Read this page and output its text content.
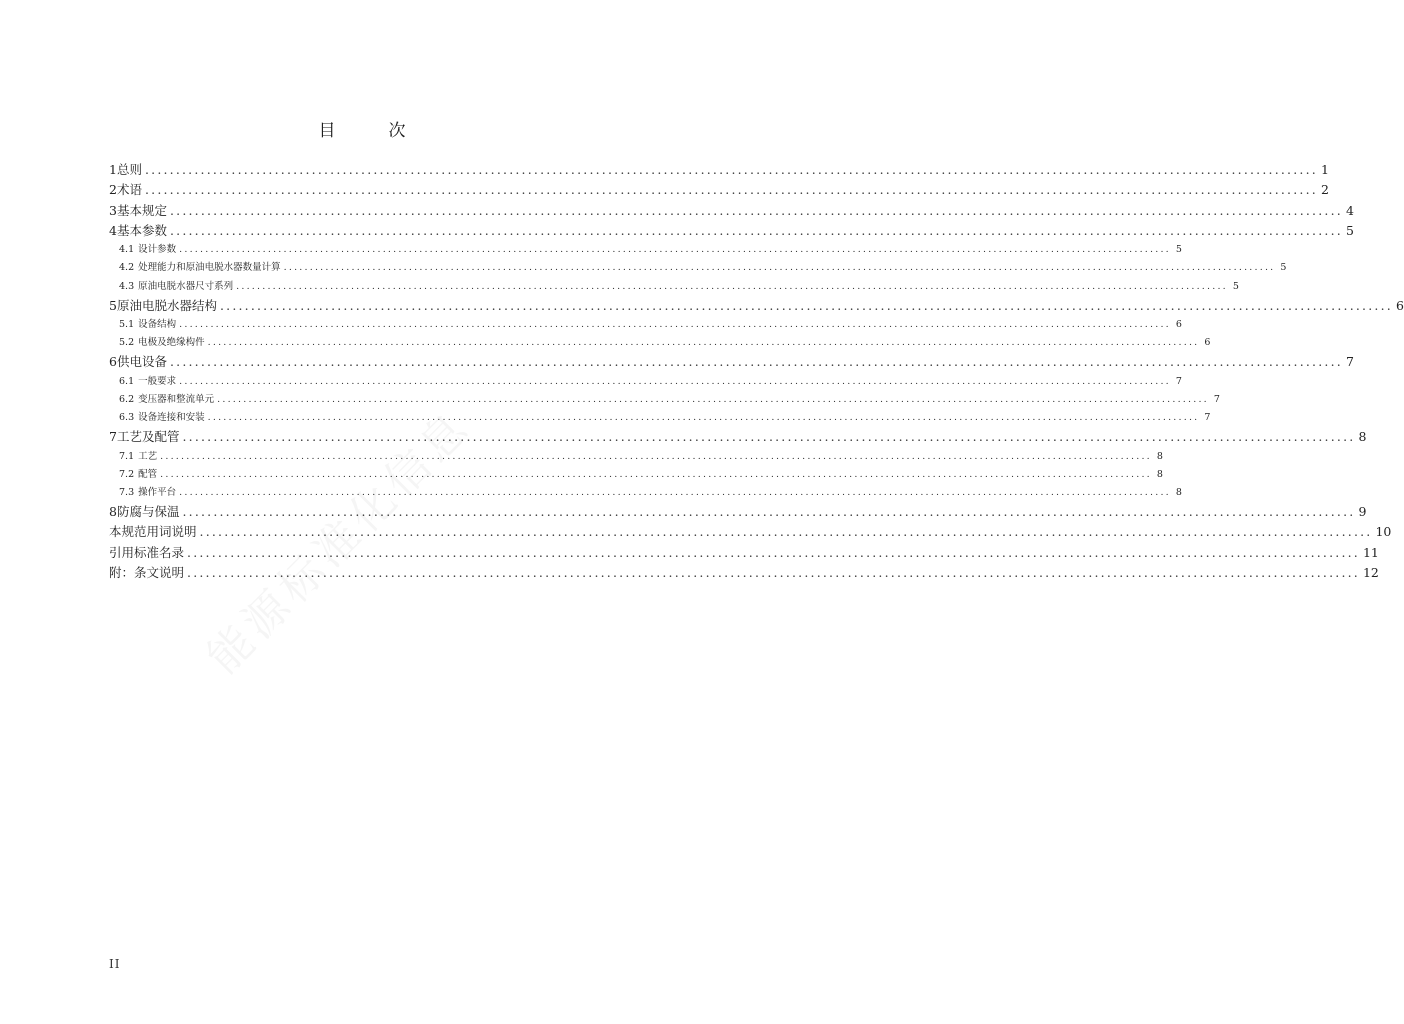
能源标准化信息
目　次
1 总则 .....	1
2 术语 .....	2
3 基本规定 .....	4
4 基本参数 .....	5
4.1 设计参数 .....	5
4.2 处理能力和原油电脱水器数量计算 .....	5
4.3 原油电脱水器尺寸系列 .....	5
5 原油电脱水器结构 .....	6
5.1 设备结构 .....	6
5.2 电极及绝缘构件 .....	6
6 供电设备 .....	7
6.1 一般要求 .....	7
6.2 变压器和整流单元 .....	7
6.3 设备连接和安装 .....	7
7 工艺及配管 .....	8
7.1 工艺 .....	8
7.2 配管 .....	8
7.3 操作平台 .....	8
8 防腐与保温 .....	9
本规范用词说明 .....	10
引用标准名录 .....	11
附：条文说明 .....	12
II
